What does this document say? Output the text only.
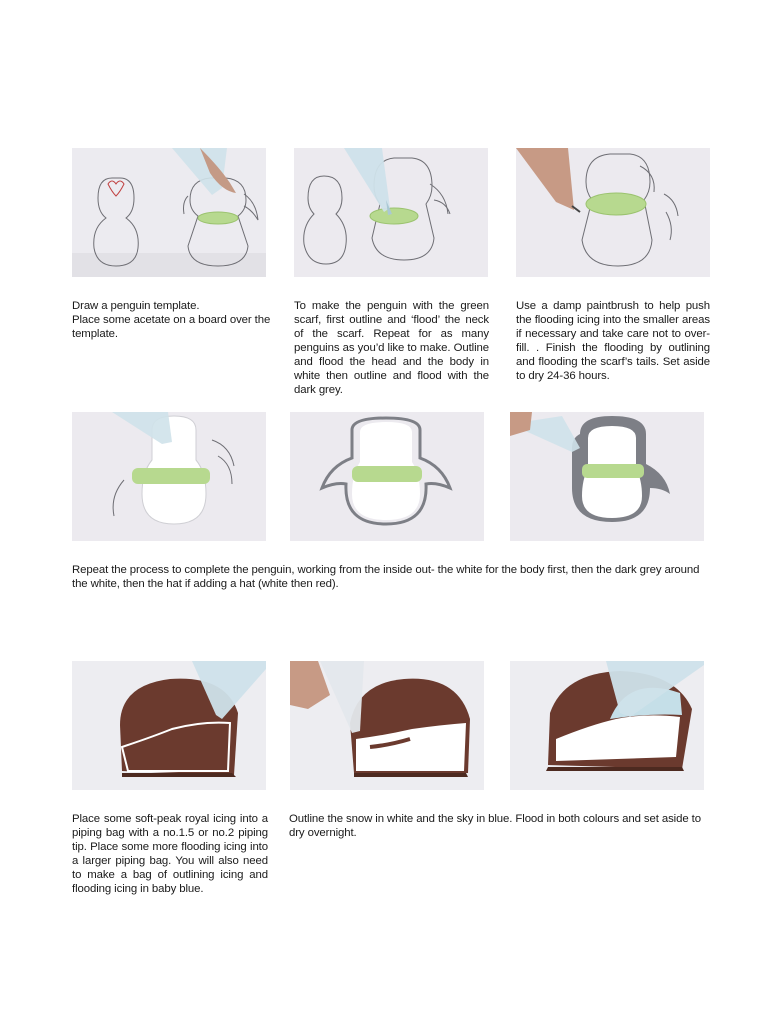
Draw a penguin template.
Place some acetate on a board over the template.

To make the penguin with the green scarf, first outline and ‘flood’ the neck of the scarf. Repeat for as many penguins as you’d like to make. Outline and flood the head and the body in white then outline and flood with the dark grey.

Use a damp paintbrush to help push the flooding icing into the smaller areas if necessary and take care not to over-fill. . Finish the flooding by outlining and flooding the scarf’s tails. Set aside to dry 24-36 hours.

Repeat the process to complete the penguin, working from the inside out- the white for the body first, then the dark grey around the white, then the hat if adding a hat (white then red).

Place some soft-peak royal icing into a piping bag with a no.1.5 or no.2 piping tip. Place some more flooding icing into a larger piping bag. You will also need to make a bag of outlining icing and flooding icing in baby blue.

Outline the snow in white and the sky in blue. Flood in both colours and set aside to dry overnight.
